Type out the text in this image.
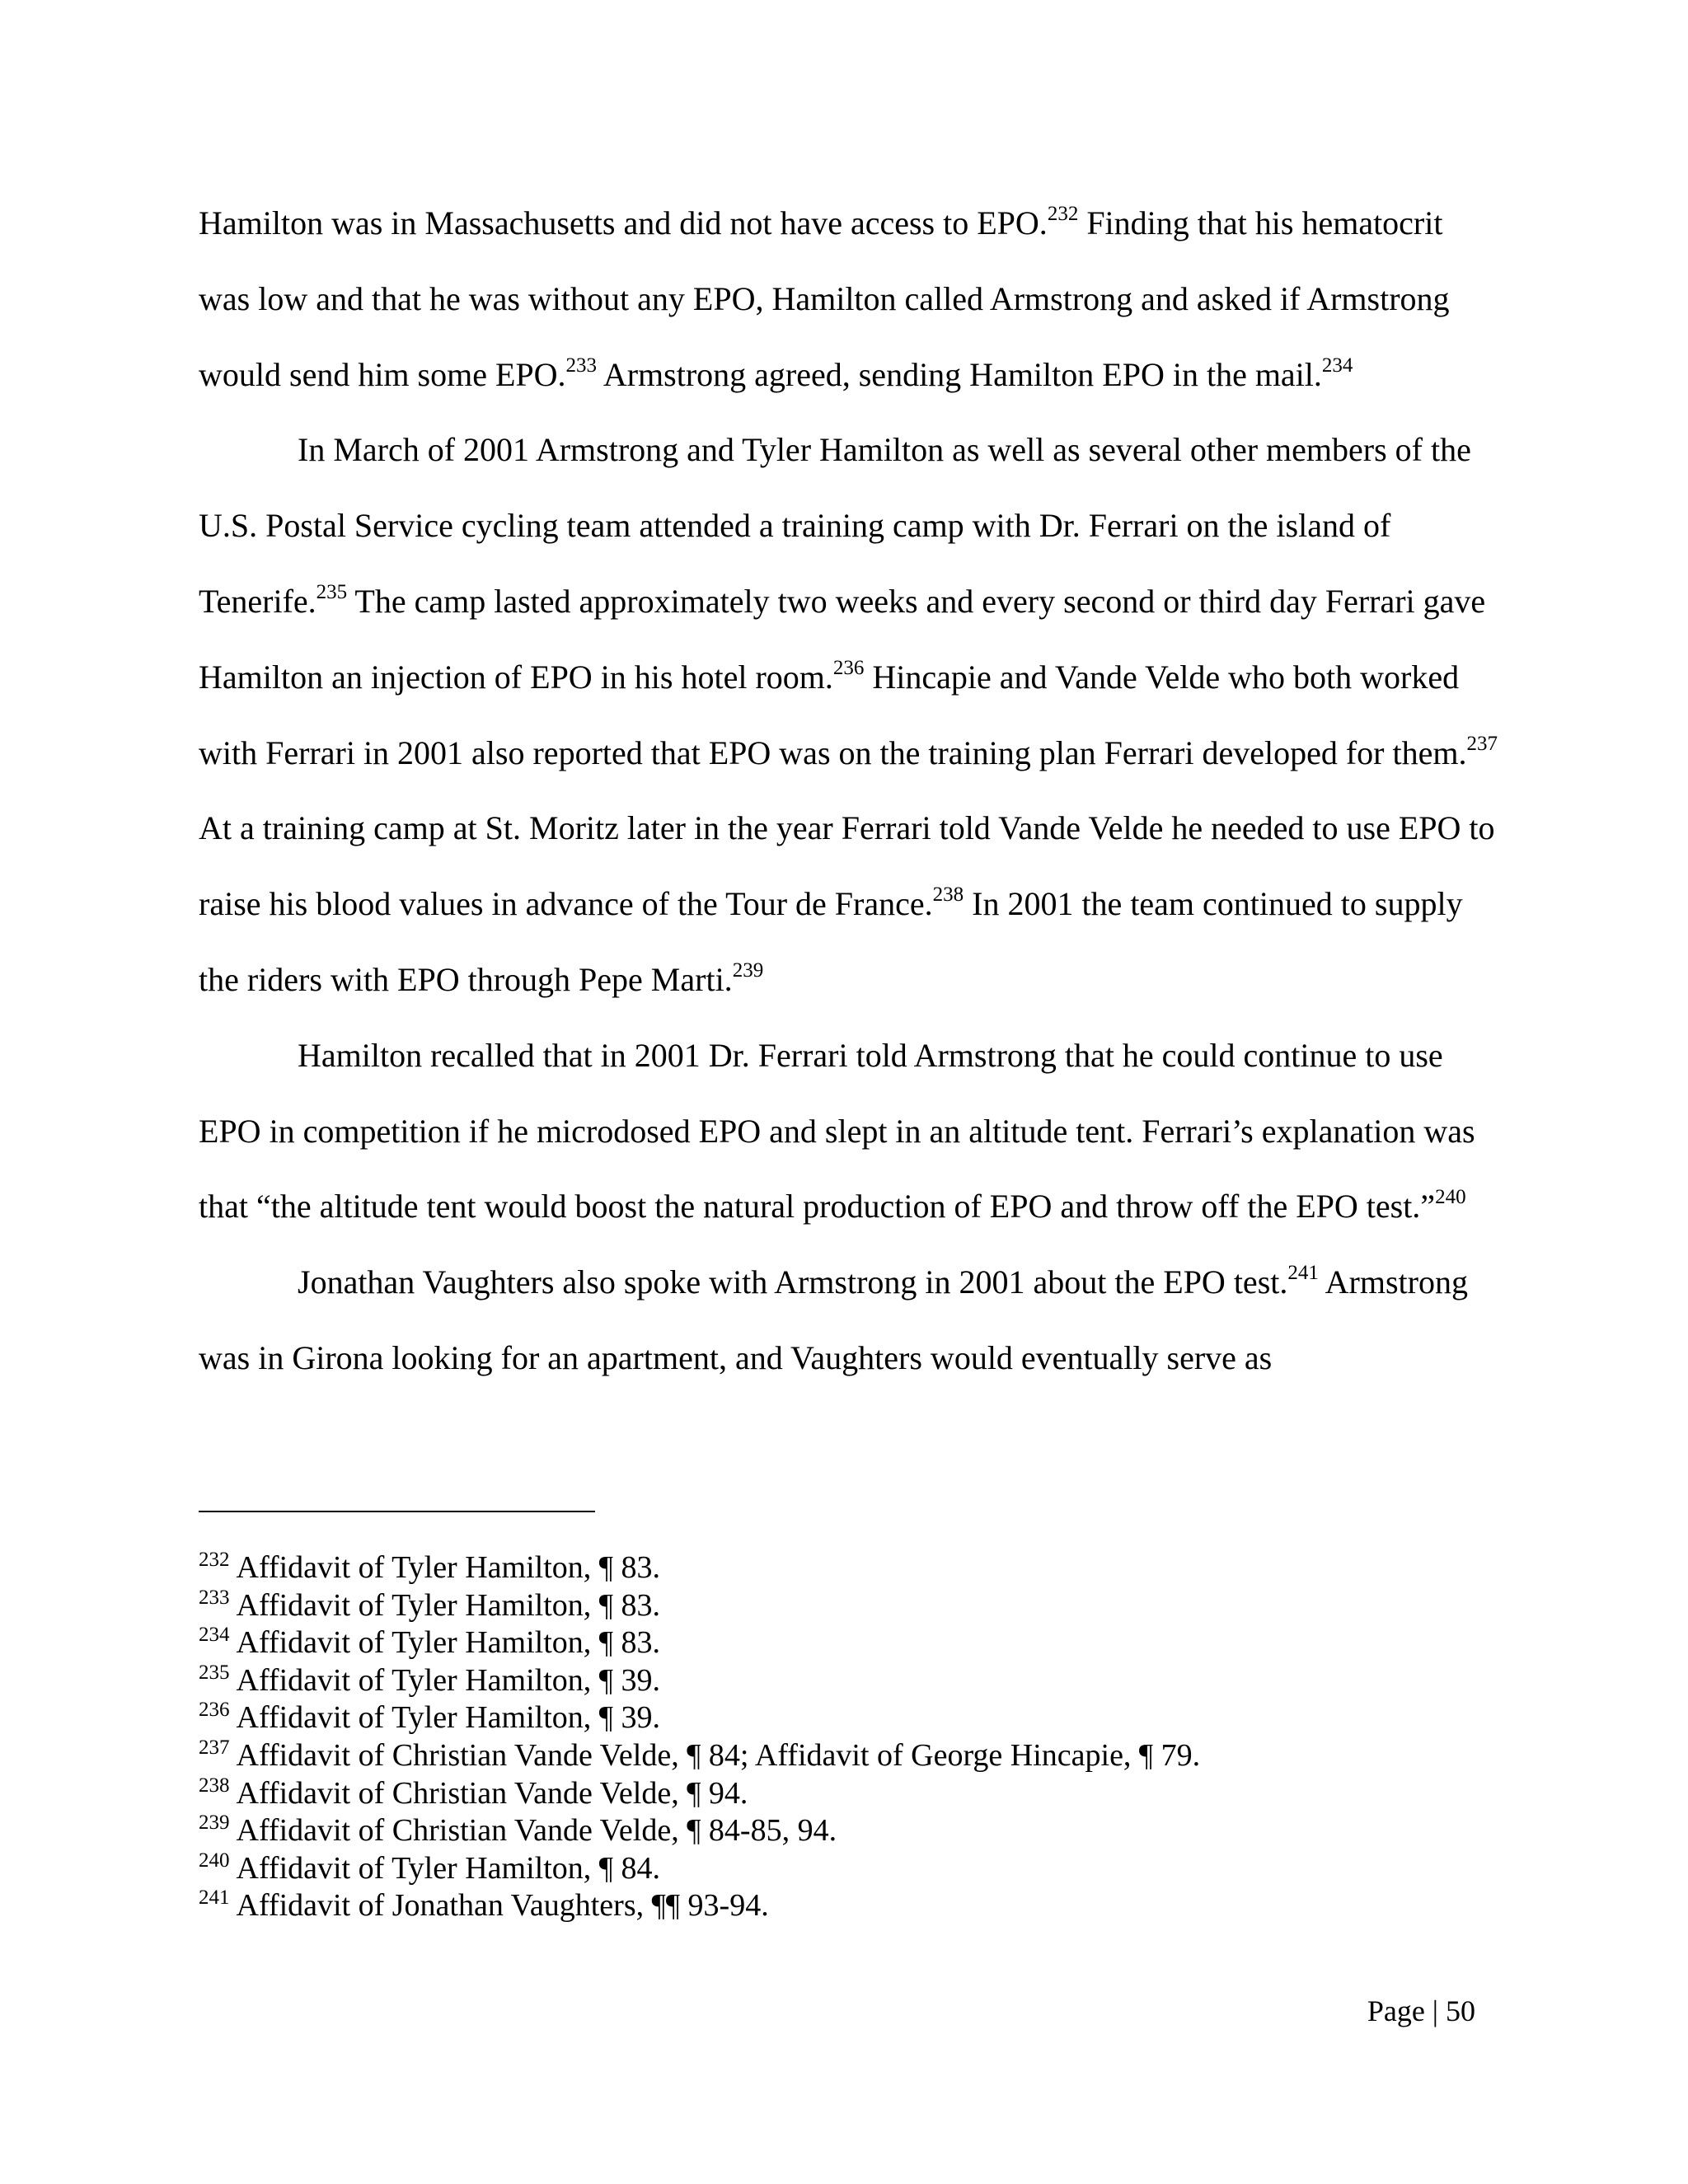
Hamilton was in Massachusetts and did not have access to EPO.$^{232}$ Finding that his hematocrit was low and that he was without any EPO, Hamilton called Armstrong and asked if Armstrong would send him some EPO.$^{233}$ Armstrong agreed, sending Hamilton EPO in the mail.$^{234}$

In March of 2001 Armstrong and Tyler Hamilton as well as several other members of the U.S. Postal Service cycling team attended a training camp with Dr. Ferrari on the island of Tenerife.$^{235}$ The camp lasted approximately two weeks and every second or third day Ferrari gave Hamilton an injection of EPO in his hotel room.$^{236}$ Hincapie and Vande Velde who both worked with Ferrari in 2001 also reported that EPO was on the training plan Ferrari developed for them.$^{237}$ At a training camp at St. Moritz later in the year Ferrari told Vande Velde he needed to use EPO to raise his blood values in advance of the Tour de France.$^{238}$ In 2001 the team continued to supply the riders with EPO through Pepe Marti.$^{239}$

Hamilton recalled that in 2001 Dr. Ferrari told Armstrong that he could continue to use EPO in competition if he microdosed EPO and slept in an altitude tent. Ferrari’s explanation was that “the altitude tent would boost the natural production of EPO and throw off the EPO test.”$^{240}$

Jonathan Vaughters also spoke with Armstrong in 2001 about the EPO test.$^{241}$ Armstrong was in Girona looking for an apartment, and Vaughters would eventually serve as

$^{232}$ Affidavit of Tyler Hamilton, ¶ 83.
$^{233}$ Affidavit of Tyler Hamilton, ¶ 83.
$^{234}$ Affidavit of Tyler Hamilton, ¶ 83.
$^{235}$ Affidavit of Tyler Hamilton, ¶ 39.
$^{236}$ Affidavit of Tyler Hamilton, ¶ 39.
$^{237}$ Affidavit of Christian Vande Velde, ¶ 84; Affidavit of George Hincapie, ¶ 79.
$^{238}$ Affidavit of Christian Vande Velde, ¶ 94.
$^{239}$ Affidavit of Christian Vande Velde, ¶ 84-85, 94.
$^{240}$ Affidavit of Tyler Hamilton, ¶ 84.
$^{241}$ Affidavit of Jonathan Vaughters, ¶¶ 93-94.
Page | 50
